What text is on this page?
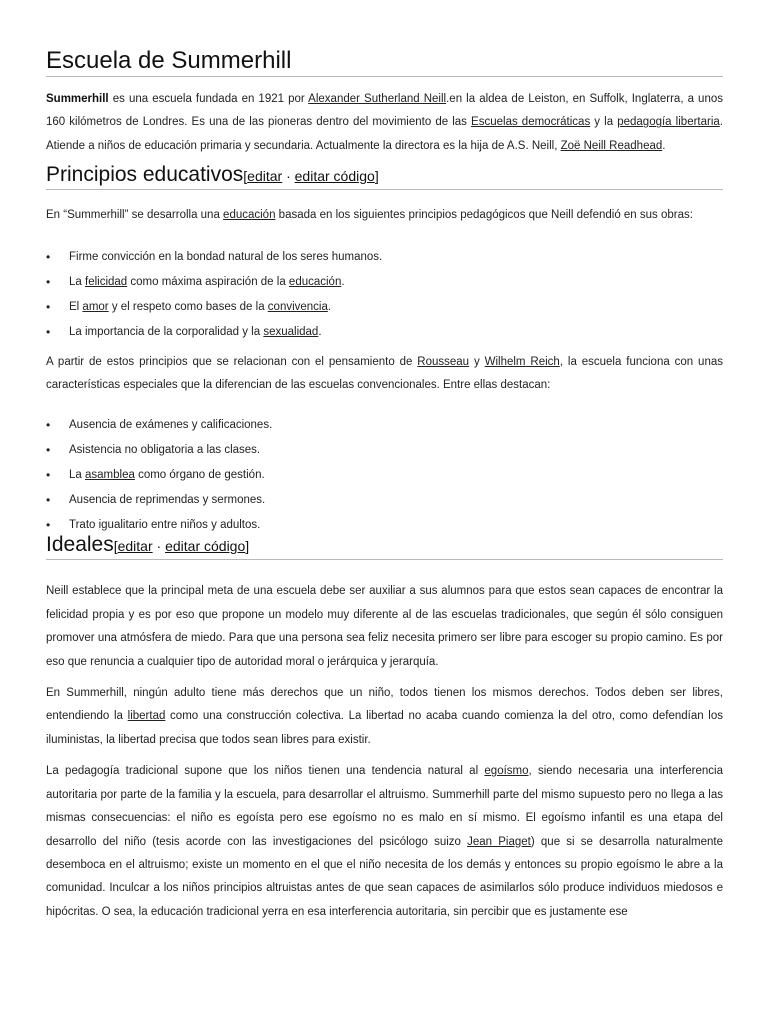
Escuela de Summerhill

Summerhill es una escuela fundada en 1921 por Alexander Sutherland Neill.en la aldea de Leiston, en Suffolk, Inglaterra, a unos 160 kilómetros de Londres. Es una de las pioneras dentro del movimiento de las Escuelas democráticas y la pedagogía libertaria. Atiende a niños de educación primaria y secundaria. Actualmente la directora es la hija de A.S. Neill, Zoë Neill Readhead.

Principios educativos[editar · editar código]

En “Summerhill” se desarrolla una educación basada en los siguientes principios pedagógicos que Neill defendió en sus obras:

• Firme convicción en la bondad natural de los seres humanos.
• La felicidad como máxima aspiración de la educación.
• El amor y el respeto como bases de la convivencia.
• La importancia de la corporalidad y la sexualidad.

A partir de estos principios que se relacionan con el pensamiento de Rousseau y Wilhelm Reich, la escuela funciona con unas características especiales que la diferencian de las escuelas convencionales. Entre ellas destacan:

• Ausencia de exámenes y calificaciones.
• Asistencia no obligatoria a las clases.
• La asamblea como órgano de gestión.
• Ausencia de reprimendas y sermones.
• Trato igualitario entre niños y adultos.
Ideales[editar · editar código]

Neill establece que la principal meta de una escuela debe ser auxiliar a sus alumnos para que estos sean capaces de encontrar la felicidad propia y es por eso que propone un modelo muy diferente al de las escuelas tradicionales, que según él sólo consiguen promover una atmósfera de miedo. Para que una persona sea feliz necesita primero ser libre para escoger su propio camino. Es por eso que renuncia a cualquier tipo de autoridad moral o jerárquica y jerarquía.

En Summerhill, ningún adulto tiene más derechos que un niño, todos tienen los mismos derechos. Todos deben ser libres, entendiendo la libertad como una construcción colectiva. La libertad no acaba cuando comienza la del otro, como defendían los iluministas, la libertad precisa que todos sean libres para existir.

La pedagogía tradicional supone que los niños tienen una tendencia natural al egoísmo, siendo necesaria una interferencia autoritaria por parte de la familia y la escuela, para desarrollar el altruismo. Summerhill parte del mismo supuesto pero no llega a las mismas consecuencias: el niño es egoísta pero ese egoísmo no es malo en sí mismo. El egoísmo infantil es una etapa del desarrollo del niño (tesis acorde con las investigaciones del psicólogo suizo Jean Piaget) que si se desarrolla naturalmente desemboca en el altruismo; existe un momento en el que el niño necesita de los demás y entonces su propio egoísmo le abre a la comunidad. Inculcar a los niños principios altruistas antes de que sean capaces de asimilarlos sólo produce individuos miedosos e hipócritas. O sea, la educación tradicional yerra en esa interferencia autoritaria, sin percibir que es justamente ese
